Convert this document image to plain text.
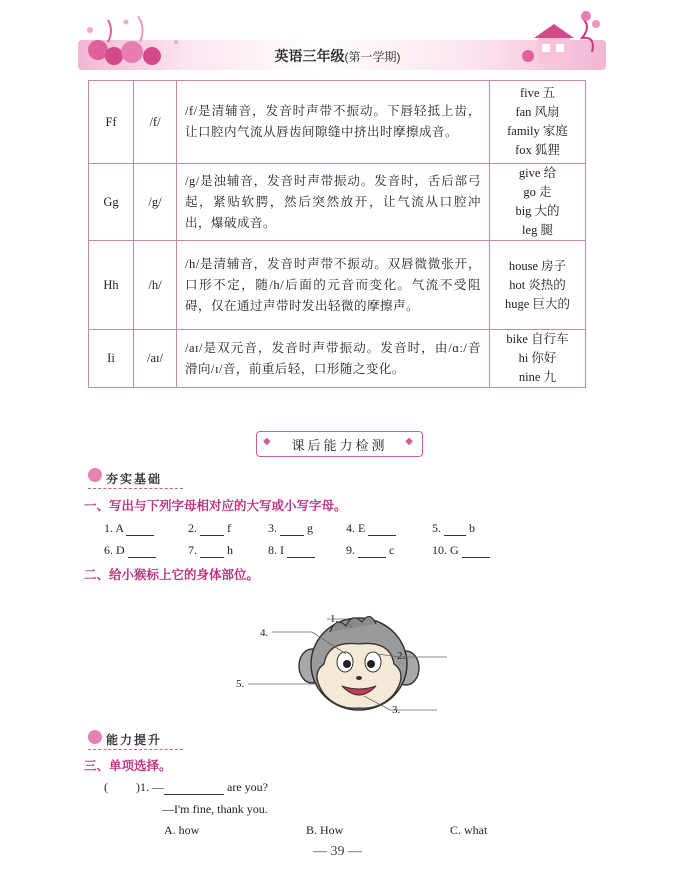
英语三年级(第一学期)
Ff	/f/	/f/是清辅音，发音时声带不振动。下唇轻抵上齿，让口腔内气流从唇齿间隙缝中挤出时摩擦成音。	five 五
fan 风扇
family 家庭
fox 狐狸

Gg	/g/	/g/是浊辅音，发音时声带振动。发音时，舌后部弓起，紧贴软腭，然后突然放开，让气流从口腔冲出，爆破成音。	give 给
go 走
big 大的
leg 腿

Hh	/h/	/h/是清辅音，发音时声带不振动。双唇微微张开，口形不定，随/h/后面的元音而变化。气流不受阻碍，仅在通过声带时发出轻微的摩擦声。	house 房子
hot 炎热的
huge 巨大的

Ii	/aɪ/	/aɪ/是双元音，发音时声带振动。发音时，由/ɑː/音滑向/ɪ/音，前重后轻，口形随之变化。	bike 自行车
hi 你好
nine 九
◆ 课后能力检测 ◆
夯实基础
一、写出与下列字母相对应的大写或小写字母。
1. A	2.	f	3.	g	4. E	5. b
6. D	7.	h	8. I	9.	c	10. G
二、给小猴标上它的身体部位。
1.
2.
3.
4.
5.
能力提升
三、单项选择。
( )1. —	are you?
—I'm fine, thank you.
A. how	B. How	C. what
— 39 —
